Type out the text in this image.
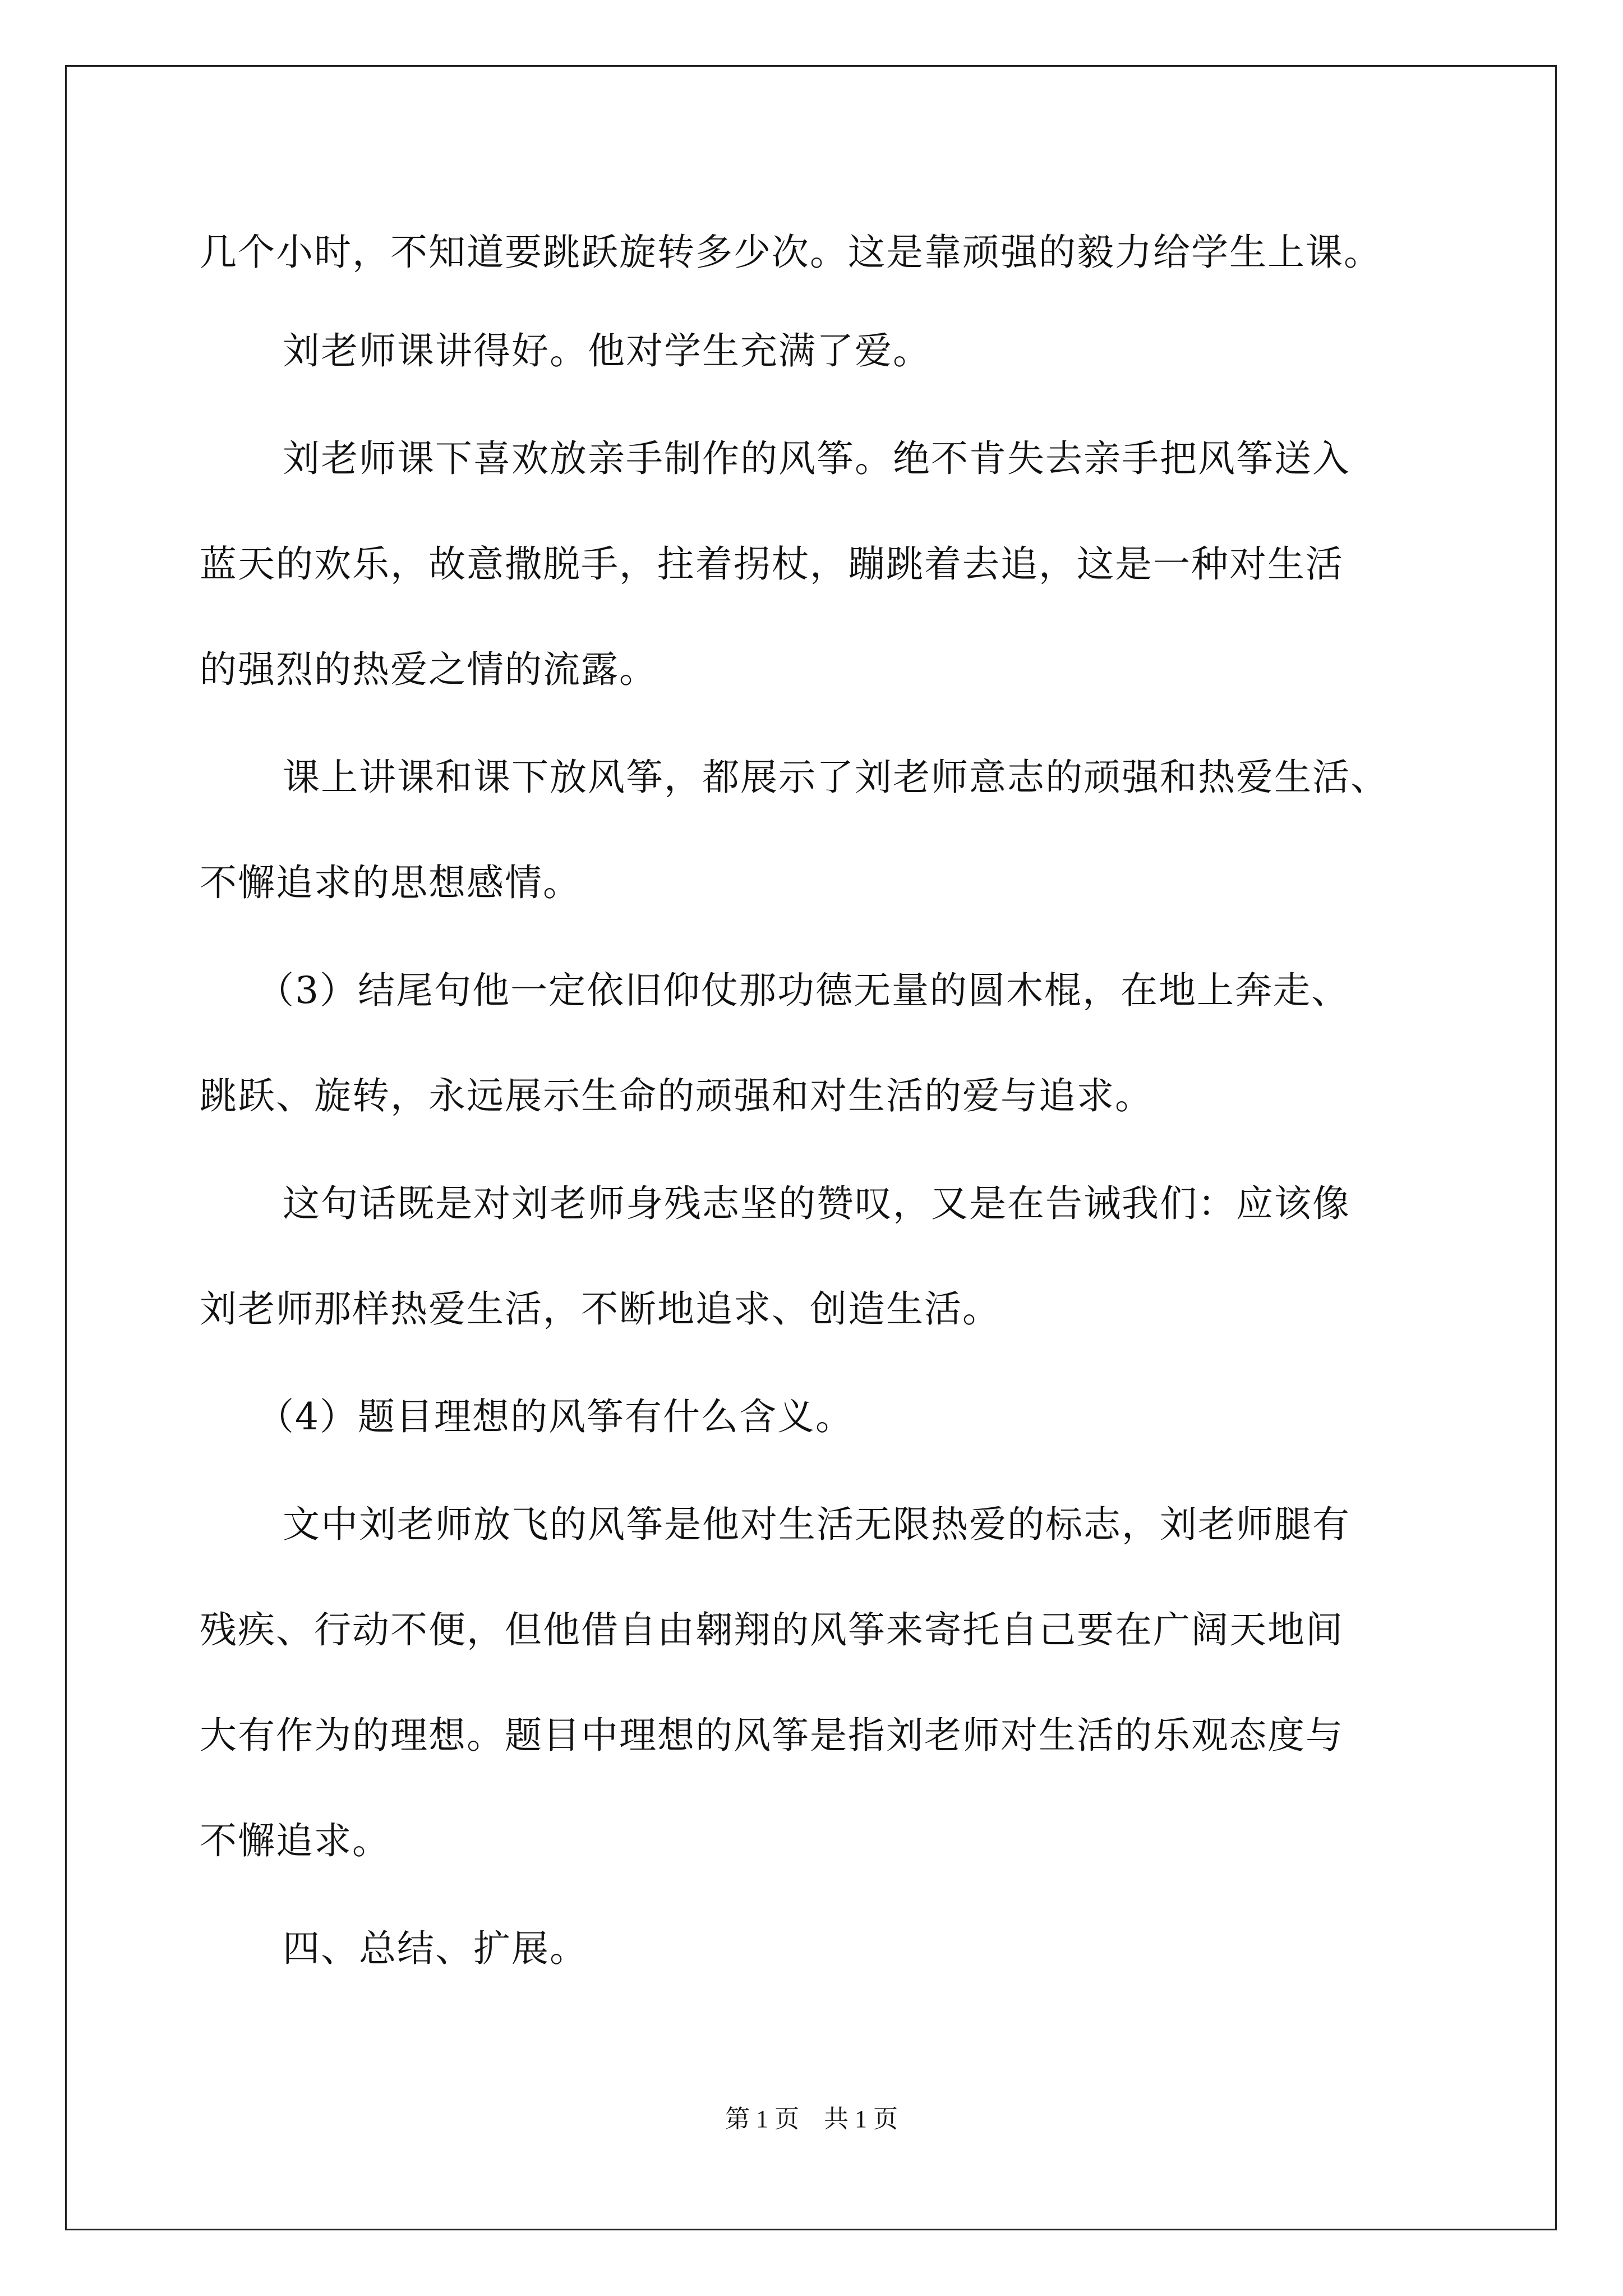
几个小时，不知道要跳跃旋转多少次。这是靠顽强的毅力给学生上课。
刘老师课讲得好。他对学生充满了爱。
刘老师课下喜欢放亲手制作的风筝。绝不肯失去亲手把风筝送入
蓝天的欢乐，故意撒脱手，拄着拐杖，蹦跳着去追，这是一种对生活
的强烈的热爱之情的流露。
课上讲课和课下放风筝，都展示了刘老师意志的顽强和热爱生活、
不懈追求的思想感情。
（3）结尾句他一定依旧仰仗那功德无量的圆木棍，在地上奔走、
跳跃、旋转，永远展示生命的顽强和对生活的爱与追求。
这句话既是对刘老师身残志坚的赞叹，又是在告诫我们：应该像
刘老师那样热爱生活，不断地追求、创造生活。
（4）题目理想的风筝有什么含义。
文中刘老师放飞的风筝是他对生活无限热爱的标志，刘老师腿有
残疾、行动不便，但他借自由翱翔的风筝来寄托自己要在广阔天地间
大有作为的理想。题目中理想的风筝是指刘老师对生活的乐观态度与
不懈追求。
四、总结、扩展。
第 1 页　共 1 页
